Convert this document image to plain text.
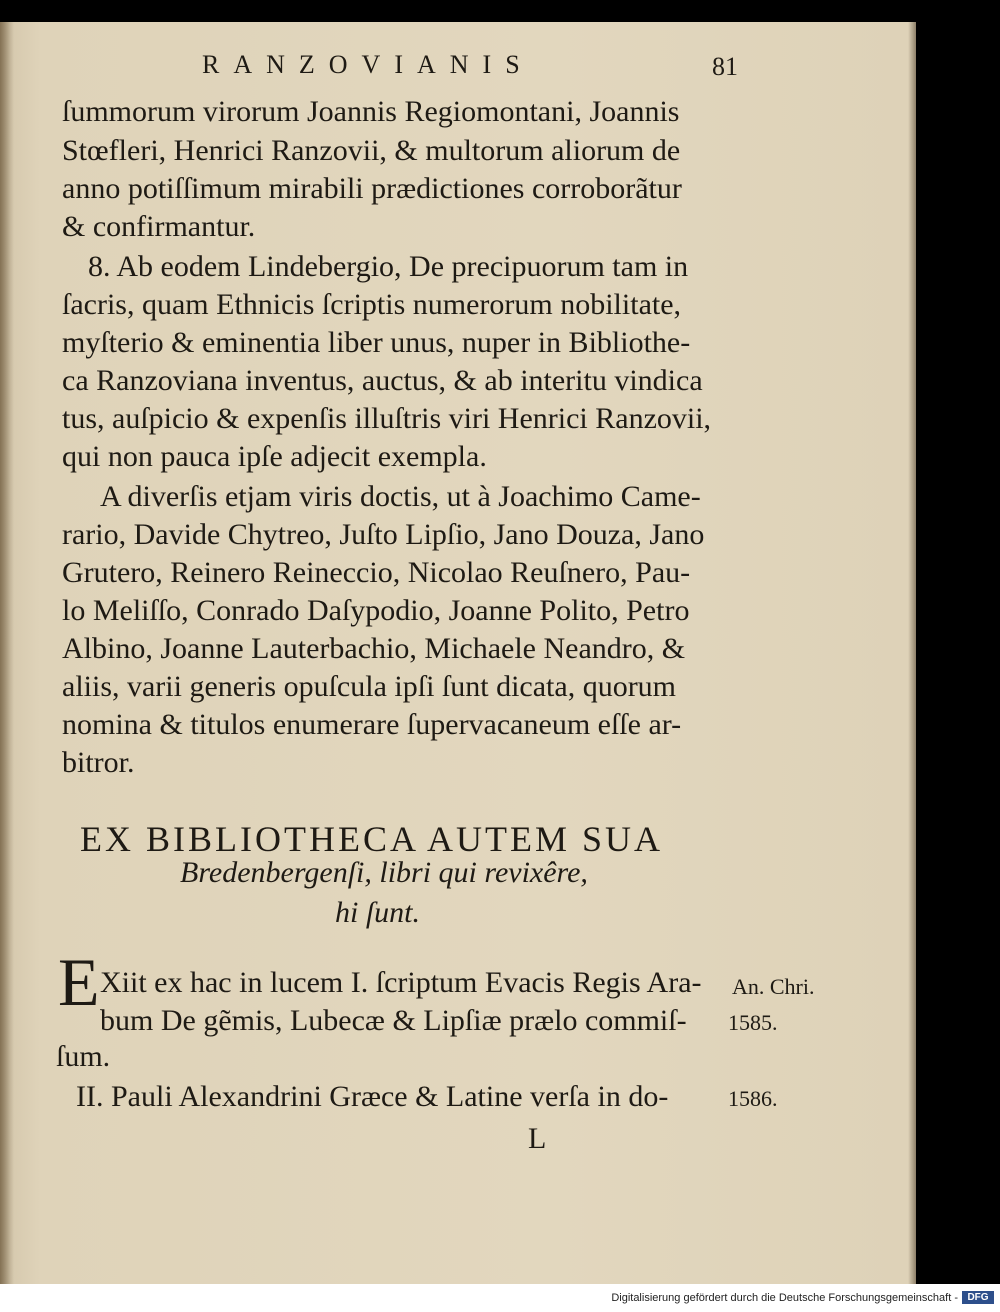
RANZOVIANIS	81
ſummorum virorum Joannis Regiomontani, Joannis
Stœfleri, Henrici Ranzovii, & multorum aliorum de
anno potiſſimum mirabili prædictiones corroborãtur
& confirmantur.
8. Ab eodem Lindebergio, De precipuorum tam in
ſacris, quam Ethnicis ſcriptis numerorum nobilitate,
myſterio & eminentia liber unus, nuper in Bibliothe-
ca Ranzoviana inventus, auctus, & ab interitu vindica
tus, auſpicio & expenſis illuſtris viri Henrici Ranzovii,
qui non pauca ipſe adjecit exempla.
A diverſis etjam viris doctis, ut à Joachimo Came-
rario, Davide Chytreo, Juſto Lipſio, Jano Douza, Jano
Grutero, Reinero Reineccio, Nicolao Reuſnero, Pau-
lo Meliſſo, Conrado Daſypodio, Joanne Polito, Petro
Albino, Joanne Lauterbachio, Michaele Neandro, &
aliis, varii generis opuſcula ipſi ſunt dicata, quorum
nomina & titulos enumerare ſupervacaneum eſſe ar-
bitror.
EX BIBLIOTHECA AUTEM SUA
Bredenbergenſi, libri qui revixêre,
hi ſunt.
E Xiit ex hac in lucem I. ſcriptum Evacis Regis Ara-
bum De gẽmis, Lubecæ & Lipſiæ prælo commiſ-
ſum.
II. Pauli Alexandrini Græce & Latine verſa in do-
An. Chri.
1585.
1586.
L
Digitalisierung gefördert durch die Deutsche Forschungsgemeinschaft - DFG
